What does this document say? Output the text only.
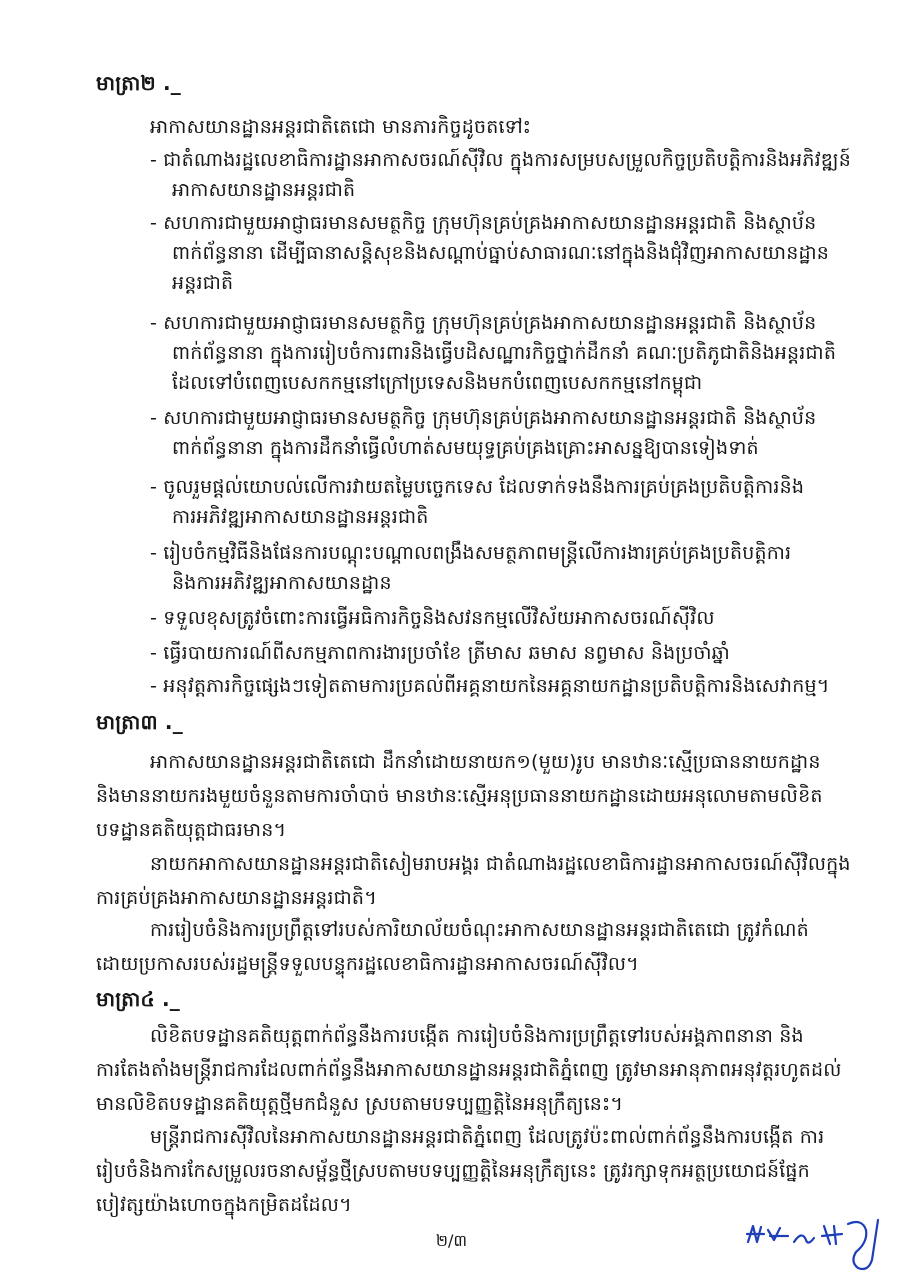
មាត្រា២ ._

អាកាសយានដ្ឋានអន្តរជាតិតេជោ មានភារកិច្ចដូចតទៅះ

- ជាតំណាងរដ្ឋលេខាធិការដ្ឋានអាកាសចរណ៍ស៊ីវិល ក្នុងការសម្របសម្រួលកិច្ចប្រតិបត្តិការនិងអភិវឌ្ឍន៍

អាកាសយានដ្ឋានអន្តរជាតិ

- សហការជាមួយអាជ្ញាធរមានសមត្ថកិច្ច ក្រុមហ៊ុនគ្រប់គ្រងអាកាសយានដ្ឋានអន្តរជាតិ និងស្ថាប័ន

ពាក់ព័ន្ធនានា ដើម្បីធានាសន្តិសុខនិងសណ្តាប់ធ្នាប់សាធារណៈនៅក្នុងនិងជុំវិញអាកាសយានដ្ឋាន

អន្តរជាតិ

- សហការជាមួយអាជ្ញាធរមានសមត្ថកិច្ច ក្រុមហ៊ុនគ្រប់គ្រងអាកាសយានដ្ឋានអន្តរជាតិ និងស្ថាប័ន

ពាក់ព័ន្ធនានា ក្នុងការរៀបចំការពារនិងធ្វើបដិសណ្ឋារកិច្ចថ្នាក់ដឹកនាំ គណៈប្រតិភូជាតិនិងអន្តរជាតិ

ដែលទៅបំពេញបេសកកម្មនៅក្រៅប្រទេសនិងមកបំពេញបេសកកម្មនៅកម្ពុជា

- សហការជាមួយអាជ្ញាធរមានសមត្ថកិច្ច ក្រុមហ៊ុនគ្រប់គ្រងអាកាសយានដ្ឋានអន្តរជាតិ និងស្ថាប័ន

ពាក់ព័ន្ធនានា ក្នុងការដឹកនាំធ្វើលំហាត់សមយុទ្ធគ្រប់គ្រងគ្រោះអាសន្នឱ្យបានទៀងទាត់

- ចូលរួមផ្តល់យោបល់លើការវាយតម្លៃបច្ចេកទេស ដែលទាក់ទងនឹងការគ្រប់គ្រងប្រតិបត្តិការនិង

ការអភិវឌ្ឍអាកាសយានដ្ឋានអន្តរជាតិ

- រៀបចំកម្មវិធីនិងផែនការបណ្តុះបណ្តាលពង្រឹងសមត្ថភាពមន្ត្រីលើការងារគ្រប់គ្រងប្រតិបត្តិការ

និងការអភិវឌ្ឍអាកាសយានដ្ឋាន

- ទទួលខុសត្រូវចំពោះការធ្វើអធិការកិច្ចនិងសវនកម្មលើវិស័យអាកាសចរណ៍ស៊ីវិល

- ធ្វើរបាយការណ៍ពីសកម្មភាពការងារប្រចាំខែ ត្រីមាស ឆមាស នព្វមាស និងប្រចាំឆ្នាំ

- អនុវត្តភារកិច្ចផ្សេងៗទៀតតាមការប្រគល់ពីអគ្គនាយកនៃអគ្គនាយកដ្ឋានប្រតិបត្តិការនិងសេវាកម្ម។

មាត្រា៣ ._

អាកាសយានដ្ឋានអន្តរជាតិតេជោ ដឹកនាំដោយនាយក១(មួយ)រូប មានឋានៈស្មើប្រធាននាយកដ្ឋាន

និងមាននាយករងមួយចំនួនតាមការចាំបាច់ មានឋានៈស្មើអនុប្រធាននាយកដ្ឋានដោយអនុលោមតាមលិខិត

បទដ្ឋានគតិយុត្តជាធរមាន។

នាយកអាកាសយានដ្ឋានអន្តរជាតិសៀមរាបអង្គរ ជាតំណាងរដ្ឋលេខាធិការដ្ឋានអាកាសចរណ៍ស៊ីវិលក្នុង

ការគ្រប់គ្រងអាកាសយានដ្ឋានអន្តរជាតិ។

ការរៀបចំនិងការប្រព្រឹត្តទៅរបស់ការិយាល័យចំណុះអាកាសយានដ្ឋានអន្តរជាតិតេជោ ត្រូវកំណត់

ដោយប្រកាសរបស់រដ្ឋមន្ត្រីទទួលបន្ទុករដ្ឋលេខាធិការដ្ឋានអាកាសចរណ៍ស៊ីវិល។

មាត្រា៤ ._

លិខិតបទដ្ឋានគតិយុត្តពាក់ព័ន្ធនឹងការបង្កើត ការរៀបចំនិងការប្រព្រឹត្តទៅរបស់អង្គភាពនានា និង

ការតែងតាំងមន្ត្រីរាជការដែលពាក់ព័ន្ធនឹងអាកាសយានដ្ឋានអន្តរជាតិភ្នំពេញ ត្រូវមានអានុភាពអនុវត្តរហូតដល់

មានលិខិតបទដ្ឋានគតិយុត្តថ្មីមកជំនួស ស្របតាមបទប្បញ្ញត្តិនៃអនុក្រឹត្យនេះ។

មន្ត្រីរាជការស៊ីវិលនៃអាកាសយានដ្ឋានអន្តរជាតិភ្នំពេញ ដែលត្រូវប៉ះពាល់ពាក់ព័ន្ធនឹងការបង្កើត ការ

រៀបចំនិងការកែសម្រួលរចនាសម្ព័ន្ធថ្មីស្របតាមបទប្បញ្ញត្តិនៃអនុក្រឹត្យនេះ ត្រូវរក្សាទុកអត្ថប្រយោជន៍ផ្នែក

បៀវត្សយ៉ាងហោចក្នុងកម្រិតដដែល។

២/៣
